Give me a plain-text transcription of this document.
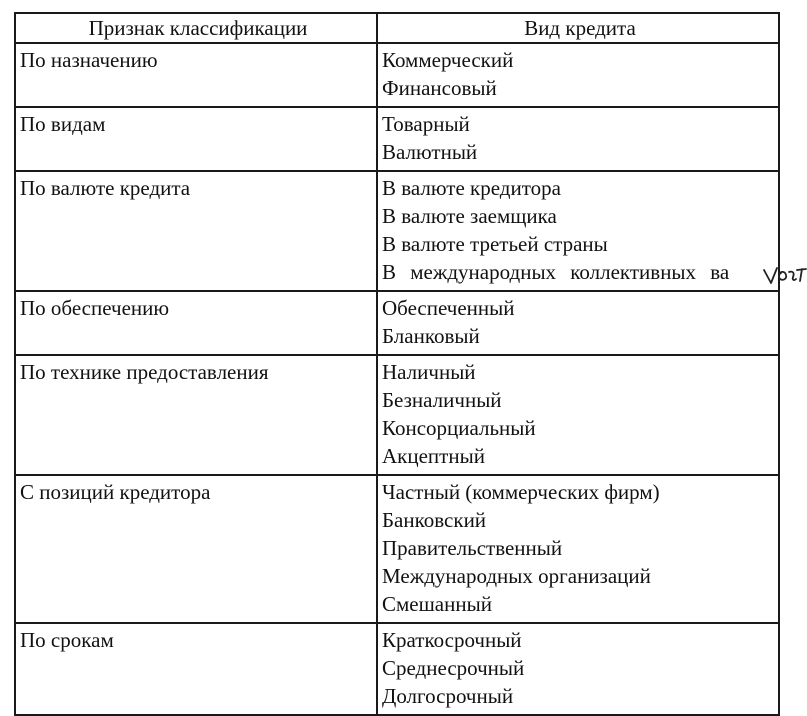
Признак классификации	Вид кредита
По назначению	Коммерческий
Финансовый

По видам	Товарный
Валютный

По валюте кредита	В валюте кредитора
В валюте заемщика
В валюте третьей страны
В международных коллективных ва

По обеспечению	Обеспеченный
Бланковый

По технике предоставления	Наличный
Безналичный
Консорциальный
Акцептный

С позиций кредитора	Частный (коммерческих фирм)
Банковский
Правительственный
Международных организаций
Смешанный

По срокам	Краткосрочный
Среднесрочный
Долгосрочный
